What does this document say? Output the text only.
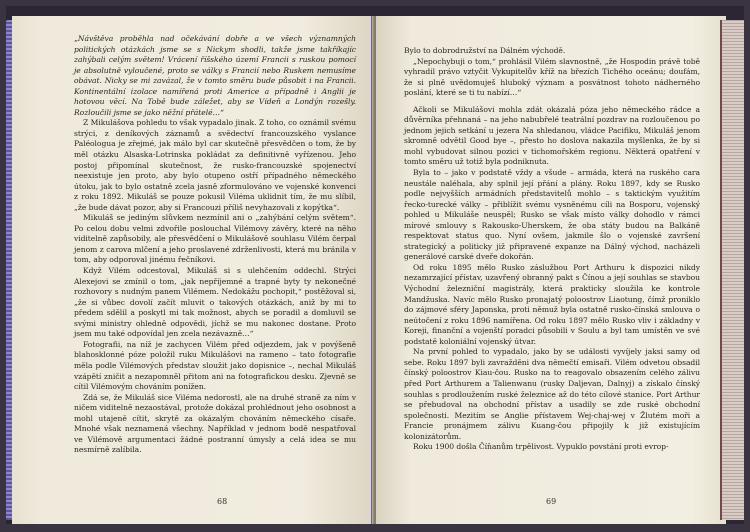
„Návštěva proběhla nad očekávání dobře a ve všech významných politických otázkách jsme se s Nickym shodli, takže jsme takříkajíc zahýbali celým světem! Vrácení říšského území Francii s ruskou pomocí je absolutně vyloučené, proto se války s Francií nebo Ruskem nemusíme obávat. Nicky se mi zavázal, že v tomto směru bude působit i na Francii. Kontinentální izolace namířená proti Americe a případně i Anglii je hotovou věcí. Na Tobě bude záležet, aby se Vídeň a Londýn rozešly. Rozloučili jsme se jako něžní přátelé…“

Z Mikulášova pohledu to však vypadalo jinak. Z toho, co oznámil svému strýci, z deníkových záznamů a svědectví francouzského vyslance Paléologua je zřejmé, jak málo byl car skutečně přesvědčen o tom, že by měl otázku Alsaska-Lotrinska pokládat za definitivně vyřízenou. Jeho postoj připomínal skutečnost, že rusko-francouzské spojenectví neexistuje jen proto, aby bylo otupeno ostří případného německého útoku, jak to bylo ostatně zcela jasně zformulováno ve vojenské konvenci z roku 1892. Mikuláš se pouze pokusil Viléma uklidnit tím, že mu slíbil, „že bude dávat pozor, aby si Francouzi příliš nevyhazovali z kopýtka“.

Mikuláš se jediným slůvkem nezmínil ani o „zahýbání celým světem“. Po celou dobu velmi zdvořile poslouchal Vilémovy závěry, které na něho viditelně zapůsobily, ale přesvědčení o Mikulášově souhlasu Vilém čerpal jenom z carova mlčení a jeho proslavené zdrženlivosti, která mu bránila v tom, aby odporoval jinému řečníkovi.

Když Vilém odcestoval, Mikuláš si s ulehčením oddechl. Strýci Alexejovi se zmínil o tom, „jak nepříjemné a trapné byty ty nekonečné rozhovory s nudným panem Vilémem. Nedokážu pochopit,“ postěžoval si, „že si vůbec dovolí začít mluvit o takových otázkách, aniž by mi to předem sdělil a poskytl mi tak možnost, abych se poradil a domluvil se svými ministry ohledně odpovědi, jíchž se mu nakonec dostane. Proto jsem mu také odpovídal jen zcela nezávazně…“

Fotografii, na níž je zachycen Vilém před odjezdem, jak v povýšeně blahosklonné póze položil ruku Mikulášovi na rameno – tato fotografie měla podle Vilémových představ sloužit jako dopisnice –, nechal Mikuláš vzápětí zničit a nezapomněl přitom ani na fotografickou desku. Zjevně se cítil Vilémovým chováním ponížen.

Zdá se, že Mikuláš sice Viléma nedorostl, ale na druhé straně za ním v ničem viditelně nezaostával, protože dokázal prohlédnout jeho osobnost a mohl utajeně cítit, skrytě za okázalým chováním německého císaře. Mnohé však neznamená všechny. Například v jednom bodě nespatřoval ve Vilémově argumentaci žádné postranní úmysly a celá idea se mu nesmírně zalíbila.

68

Bylo to dobrodružství na Dálném východě.

„Nepochybuji o tom,“ prohlásil Vilém slavnostně, „že Hospodin právě tobě vyhradil právo vztyčit Vykupitelův kříž na březích Tichého oceánu; doufám, že si plně uvědomuješ hluboký význam a posvátnost tohoto nádherného poslání, které se ti tu nabízí…“

Ačkoli se Mikulášovi mohla zdát okázalá póza jeho německého rádce a důvěrníka přehnaná – na jeho nabubřelé teatrální pozdrav na rozloučenou po jednom jejich setkání u jezera Na shledanou, vládce Pacifiku, Mikuláš jenom skromně odvětil Good bye –, přesto ho doslova nakazila myšlenka, že by si mohl vybudovat silnou pozici v tichomořském regionu. Některá opatření v tomto směru už totiž byla podniknuta.

Byla to – jako v podstatě vždy a všude – armáda, která na ruského cara neustále naléhala, aby splnil její přání a plány. Roku 1897, kdy se Rusko podle nejvyšších armádních představitelů mohlo – s taktickým využitím řecko-turecké války – přiblížit svému vysněnému cíli na Bosporu, vojenský pohled u Mikuláše neuspěl; Rusko se však místo války dohodlo v rámci mírové smlouvy s Rakousko-Uherskem, že oba státy budou na Balkáně respektovat status quo. Nyní ovšem, jakmile šlo o vojenské završení strategický a politicky již připravené expanze na Dálný východ, nacházeli generálové carské dveře dokořán.

Od roku 1895 mělo Rusko záslužbou Port Arthuru k dispozici nikdy nezamrzající přístav, uzavřený obranný pakt s Čínou a její souhlas se stavbou Východní železniční magistrály, která prakticky sloužila ke kontrole Mandžuska. Navíc mělo Rusko pronajatý poloostrov Liaotung, čímž proniklo do zájmové sféry Japonska, proti němuž byla ostatně rusko-čínská smlouva o neútočení z roku 1896 namířena. Od roku 1897 mělo Rusko vliv i základny v Koreji, finanční a vojenští poradci působili v Soulu a byl tam umístěn ve své podstatě koloniální vojenský útvar.

Na první pohled to vypadalo, jako by se události vyvíjely jaksi samy od sebe. Roku 1897 byli zavražděni dva němečtí emisaři. Vilém odvetou obsadil čínský poloostrov Kiau-čou. Rusko na to reagovalo obsazením celého zálivu před Port Arthurem a Talienwanu (rusky Daljevan, Dalnyj) a získalo čínský souhlas s prodloužením ruské železnice až do této cílové stanice. Port Arthur se přebudoval na obchodní přístav a usadily se zde ruské obchodní společnosti. Mezitím se Anglie přístavem Wej-chaj-wej v Žlutém moři a Francie pronájmem zálivu Kuang-čou připojily k již existujícím kolonizátorům.

Roku 1900 došla Číňanům trpělivost. Vypuklo povstání proti evrop-

69
